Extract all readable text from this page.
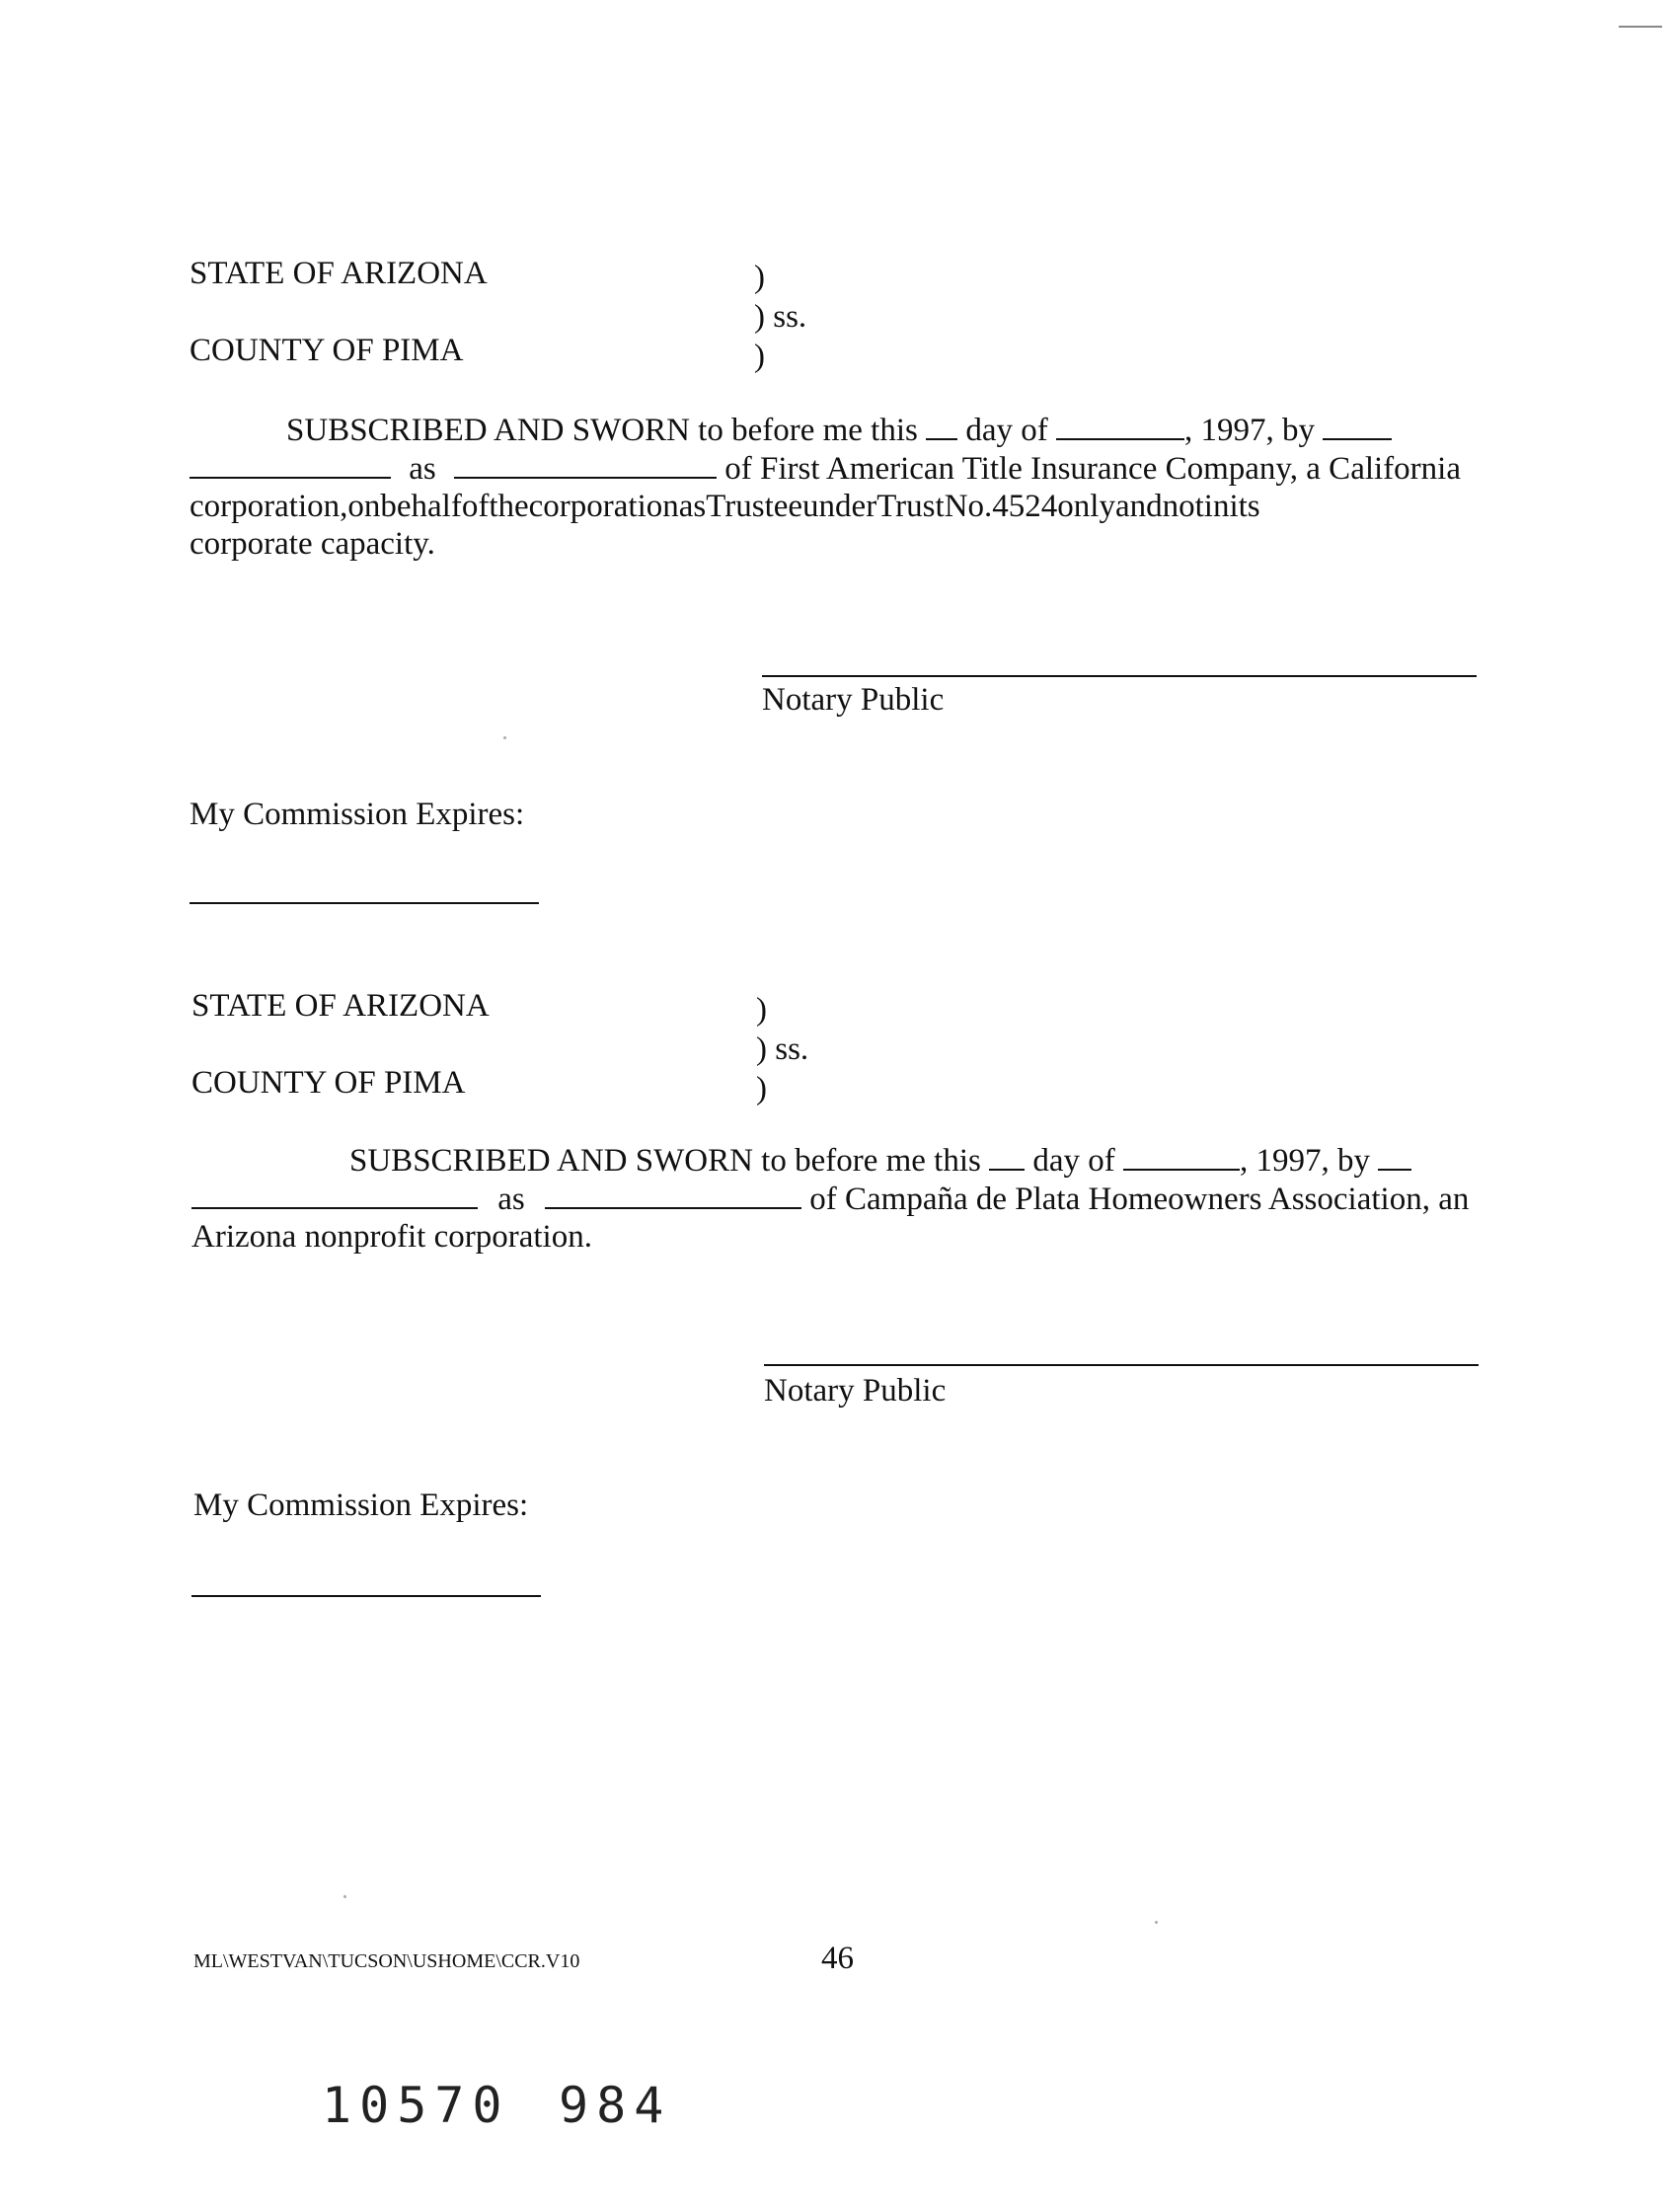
STATE OF ARIZONA
COUNTY OF PIMA
)
) ss.
)
SUBSCRIBED AND SWORN to before me this day of	, 1997, by
as	of First American Title Insurance Company, a California
corporation,onbehalfofthecorporationasTrusteeunderTrustNo.4524onlyandnotinits
corporate capacity.
Notary Public
My Commission Expires:
STATE OF ARIZONA
COUNTY OF PIMA
)
) ss.
)
SUBSCRIBED AND SWORN to before me this day of	, 1997, by
as	of Campaña de Plata Homeowners Association, an
Arizona nonprofit corporation.
Notary Public
My Commission Expires:
ML\WESTVAN\TUCSON\USHOME\CCR.V10	46
10570 984
